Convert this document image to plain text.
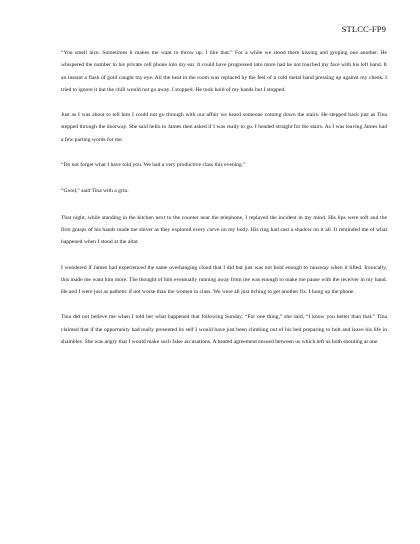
STLCC-FP9

“You smell nice. Sometimes it makes me want to throw up. I like that.” For a while we stood there kissing and groping one another. He whispered the number to his private cell phone into my ear. It could have progressed into more had he not touched my face with his left hand. It an instant a flash of gold caught my eye. All the heat in the room was replaced by the feel of a cold metal band pressing up against my cheek. I tried to ignore it but the chill would not go away. I stopped. He took hold of my hands but I stopped.

Just as I was about to tell him I could not go through with our affair we heard someone coming down the stairs. He stepped back just as Tina stepped through the doorway. She said hello to James then asked if I was ready to go. I headed straight for the stairs. As I was leaving James had a few parting words for me.

“Do not forget what I have told you. We had a very productive class this evening.”

“Good,” said Tina with a grin.

That night, while standing in the kitchen next to the counter near the telephone, I replayed the incident in my mind. His lips were soft and the firm grasps of his hands made me shiver as they explored every curve on my body. His ring had cast a shadow on it all. It reminded me of what happened when I stood at the altar.

I wondered if James had experienced the same overhanging cloud that I did but just was not bold enough to runaway when it lifted. Ironically, this made me want him more. The thought of him eventually running away from me was enough to make me pause with the receiver in my hand. He and I were just as pathetic if not worse than the women in class. We were all just itching to get another fix. I hung up the phone.

Tina did not believe me when I told her what happened that following Sunday. “For one thing,” she said, “I know you better than that.” Tina claimed that if the opportunity had really presented its self I would have just been climbing out of his bed preparing to bolt and leave his life in shambles. She was angry that I would make such false accusations. A heated agreement ensued between us which left us both shouting at one
